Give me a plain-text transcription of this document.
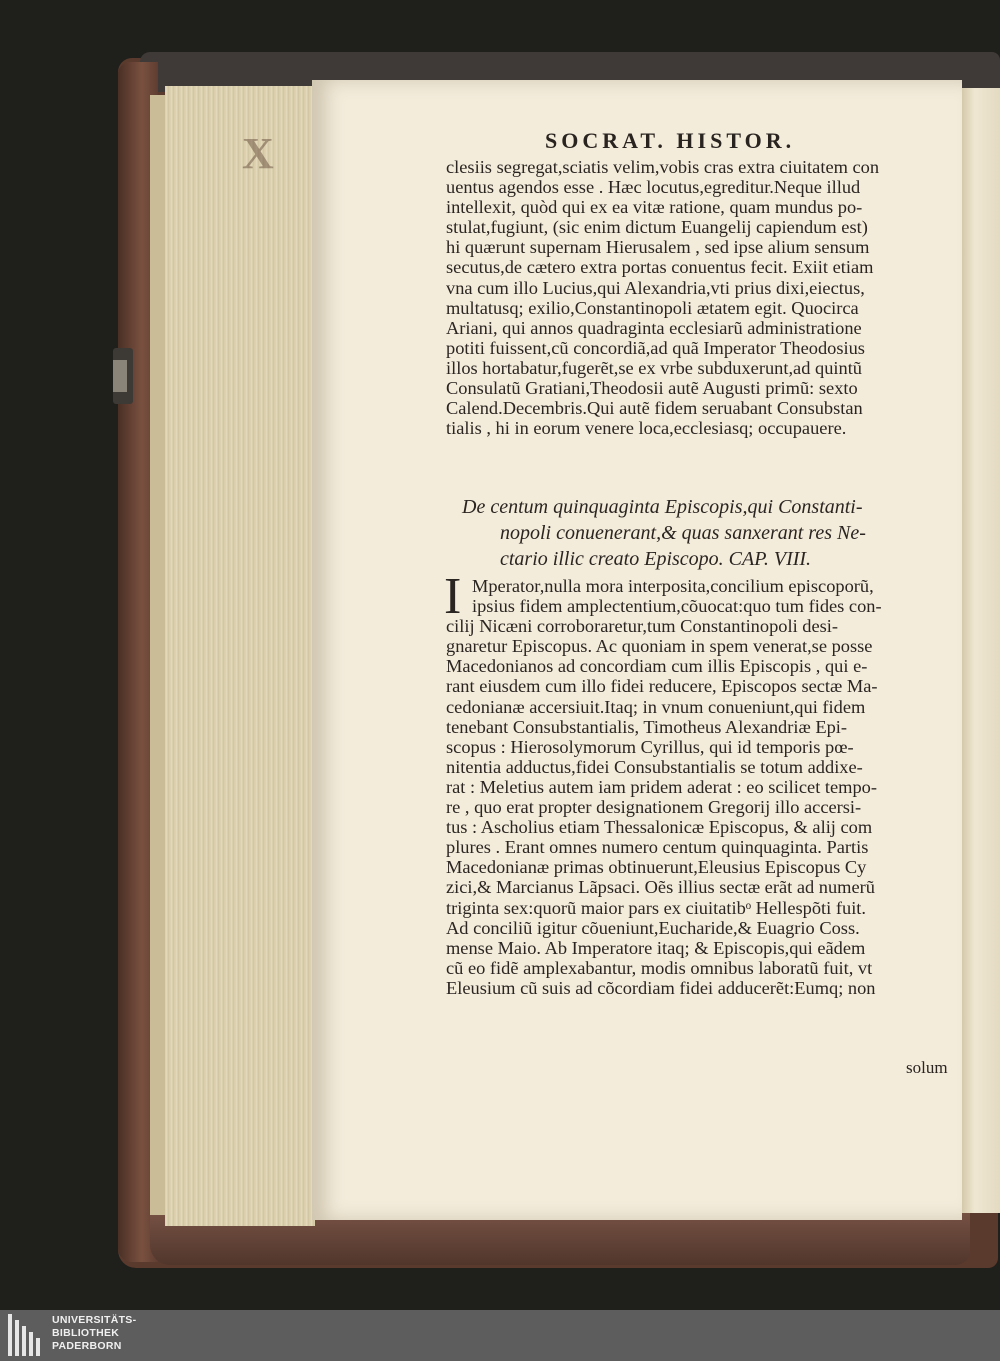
X	SOCRAT. HISTOR.
clesiis segregat,sciatis velim,vobis cras extra ciuitatem con
uentus agendos esse . Hæc locutus,egreditur.Neque illud
intellexit, quòd qui ex ea vitæ ratione, quam mundus po-
stulat,fugiunt, (sic enim dictum Euangelij capiendum est)
hi quærunt supernam Hierusalem , sed ipse alium sensum
secutus,de cætero extra portas conuentus fecit. Exiit etiam
vna cum illo Lucius,qui Alexandria,vti prius dixi,eiectus,
multatusq; exilio,Constantinopoli ætatem egit. Quocirca
Ariani, qui annos quadraginta ecclesiarũ administratione
potiti fuissent,cũ concordiã,ad quã Imperator Theodosius
illos hortabatur,fugerẽt,se ex vrbe subduxerunt,ad quintũ
Consulatũ Gratiani,Theodosii autẽ Augusti primũ: sexto
Calend.Decembris.Qui autẽ fidem seruabant Consubstan
tialis , hi in eorum venere loca,ecclesiasq; occupauere.
De centum quinquaginta Episcopis,qui Constanti-
nopoli conuenerant,& quas sanxerant res Ne-
ctario illic creato Episcopo. CAP. VIII.
I Mperator,nulla mora interposita,concilium episcoporũ,
ipsius fidem amplectentium,cõuocat:quo tum fides con-
cilij Nicæni corroboraretur,tum Constantinopoli desi-
gnaretur Episcopus. Ac quoniam in spem venerat,se posse
Macedonianos ad concordiam cum illis Episcopis , qui e-
rant eiusdem cum illo fidei reducere, Episcopos sectæ Ma-
cedonianæ accersiuit.Itaq; in vnum conueniunt,qui fidem
tenebant Consubstantialis, Timotheus Alexandriæ Epi-
scopus : Hierosolymorum Cyrillus, qui id temporis pœ-
nitentia adductus,fidei Consubstantialis se totum addixe-
rat : Meletius autem iam pridem aderat : eo scilicet tempo-
re , quo erat propter designationem Gregorij illo accersi-
tus : Ascholius etiam Thessalonicæ Episcopus, & alij com
plures . Erant omnes numero centum quinquaginta. Partis
Macedonianæ primas obtinuerunt,Eleusius Episcopus Cy
zici,& Marcianus Lãpsaci. Oẽs illius sectæ erãt ad numerũ
triginta sex:quorũ maior pars ex ciuitatibᵒ Hellespõti fuit.
Ad conciliũ igitur cõueniunt,Eucharide,& Euagrio Coss.
mense Maio. Ab Imperatore itaq; & Episcopis,qui eãdem
cũ eo fidẽ amplexabantur, modis omnibus laboratũ fuit, vt
Eleusium cũ suis ad cõcordiam fidei adducerẽt:Eumq; non
solum
UNIVERSITÄTS-
BIBLIOTHEK
PADERBORN
